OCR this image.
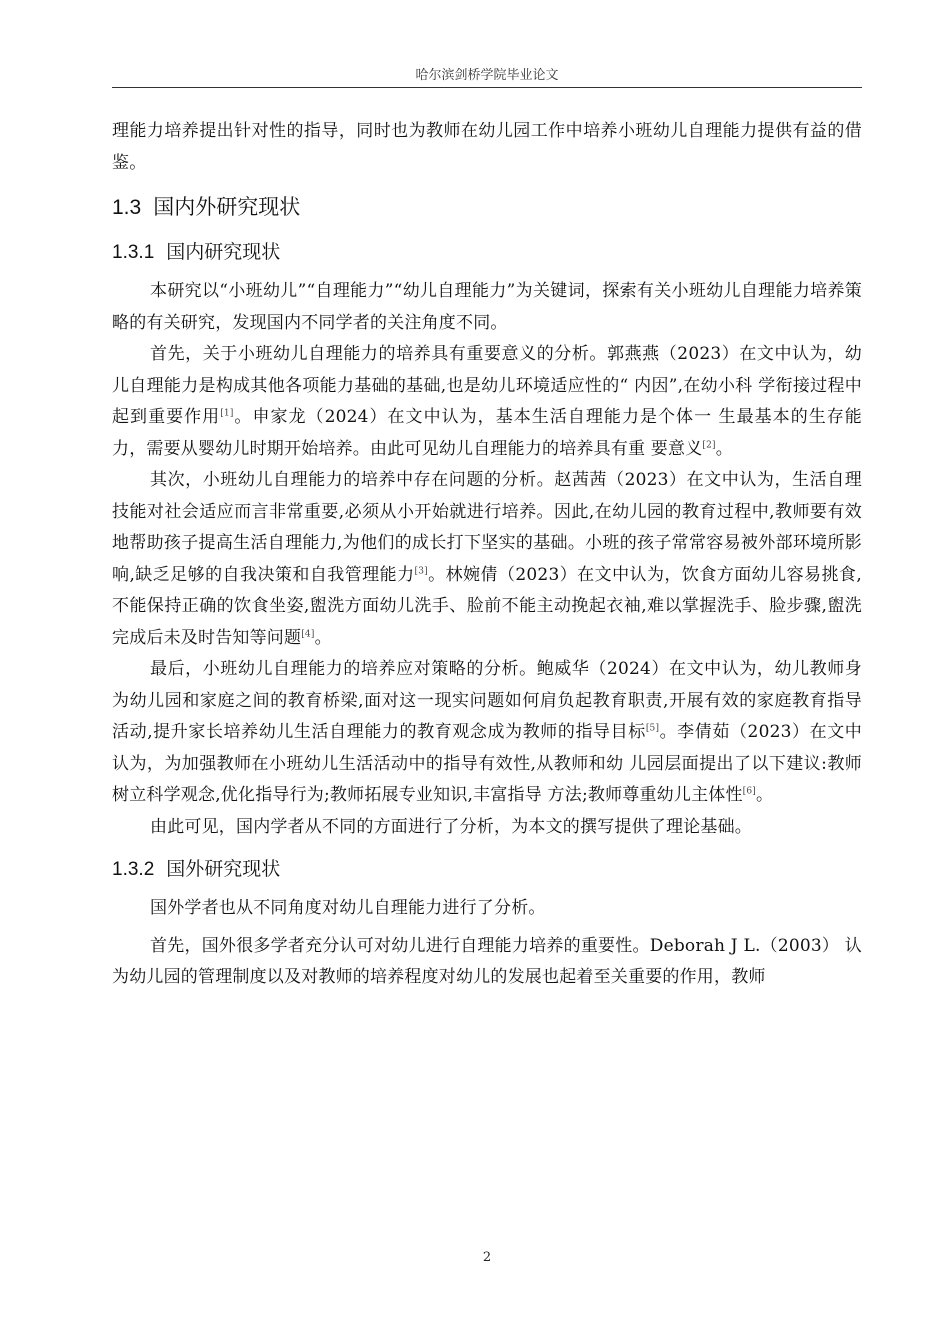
哈尔滨剑桥学院毕业论文

理能力培养提出针对性的指导，同时也为教师在幼儿园工作中培养小班幼儿自理能力提供有益的借鉴。

1.3 国内外研究现状
1.3.1 国内研究现状

本研究以“小班幼儿”“自理能力”“幼儿自理能力”为关键词，探索有关小班幼儿自理能力培养策略的有关研究，发现国内不同学者的关注角度不同。

首先，关于小班幼儿自理能力的培养具有重要意义的分析。郭燕燕（2023）在文中认为，幼儿自理能力是构成其他各项能力基础的基础,也是幼儿环境适应性的“ 内因”,在幼小科 学衔接过程中起到重要作用[1]。申家龙（2024）在文中认为，基本生活自理能力是个体一 生最基本的生存能力，需要从婴幼儿时期开始培养。由此可见幼儿自理能力的培养具有重 要意义[2]。

其次，小班幼儿自理能力的培养中存在问题的分析。赵茜茜（2023）在文中认为，生活自理技能对社会适应而言非常重要,必须从小开始就进行培养。因此,在幼儿园的教育过程中,教师要有效地帮助孩子提高生活自理能力,为他们的成长打下坚实的基础。小班的孩子常常容易被外部环境所影响,缺乏足够的自我决策和自我管理能力[3]。林婉倩（2023）在文中认为，饮食方面幼儿容易挑食,不能保持正确的饮食坐姿,盥洗方面幼儿洗手、脸前不能主动挽起衣袖,难以掌握洗手、脸步骤,盥洗完成后未及时告知等问题[4]。

最后，小班幼儿自理能力的培养应对策略的分析。鲍威华（2024）在文中认为，幼儿教师身为幼儿园和家庭之间的教育桥梁,面对这一现实问题如何肩负起教育职责,开展有效的家庭教育指导活动,提升家长培养幼儿生活自理能力的教育观念成为教师的指导目标[5]。李倩茹（2023）在文中认为，为加强教师在小班幼儿生活活动中的指导有效性,从教师和幼 儿园层面提出了以下建议:教师树立科学观念,优化指导行为;教师拓展专业知识,丰富指导 方法;教师尊重幼儿主体性[6]。

由此可见，国内学者从不同的方面进行了分析，为本文的撰写提供了理论基础。

1.3.2 国外研究现状

国外学者也从不同角度对幼儿自理能力进行了分析。

首先，国外很多学者充分认可对幼儿进行自理能力培养的重要性。Deborah J L.（2003） 认为幼儿园的管理制度以及对教师的培养程度对幼儿的发展也起着至关重要的作用，教师

2
